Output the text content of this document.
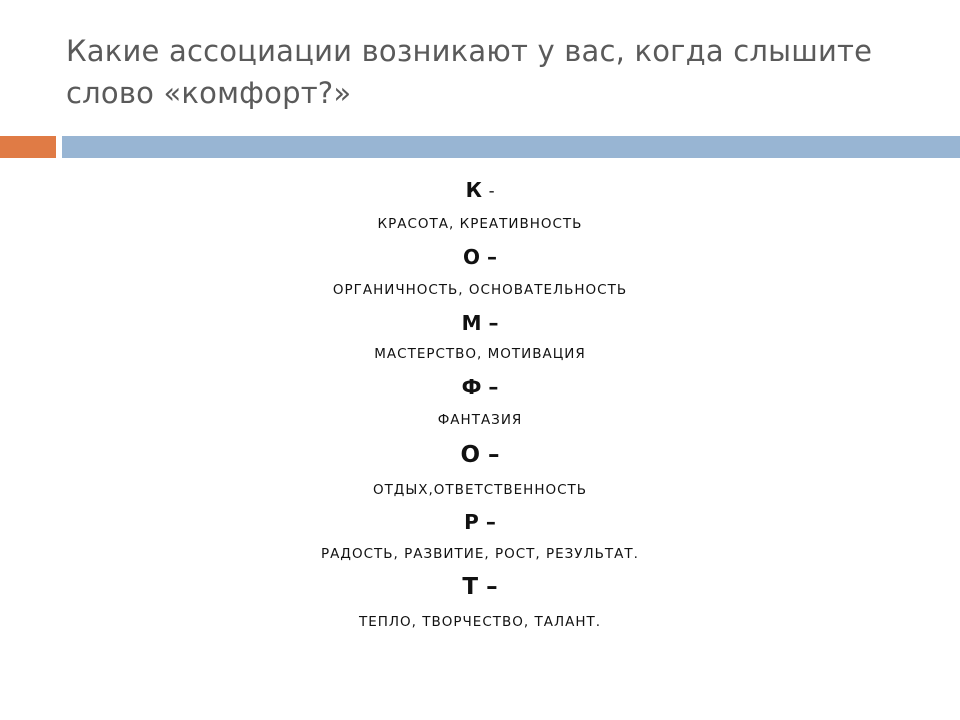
Какие ассоциации возникают у вас, когда слышите слово «комфорт?»

К –

КРАСОТА, КРЕАТИВНОСТЬ

О –

ОРГАНИЧНОСТЬ, ОСНОВАТЕЛЬНОСТЬ

М –

МАСТЕРСТВО, МОТИВАЦИЯ

Ф –

ФАНТАЗИЯ

О –

ОТДЫХ,ОТВЕТСТВЕННОСТЬ

Р –

РАДОСТЬ, РАЗВИТИЕ, РОСТ, РЕЗУЛЬТАТ.

Т –

ТЕПЛО, ТВОРЧЕСТВО, ТАЛАНТ.
